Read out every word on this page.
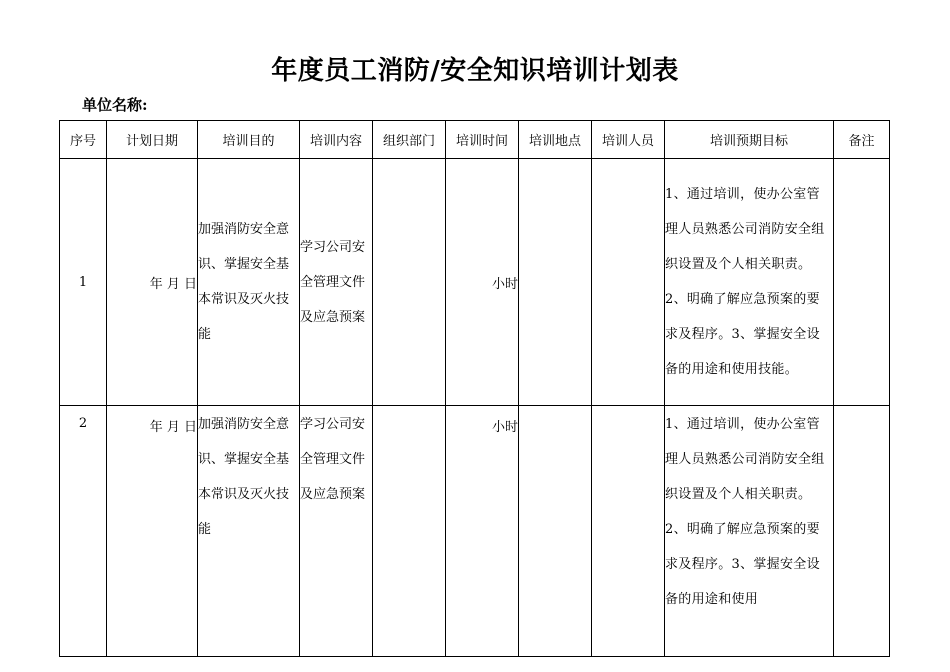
年度员工消防/安全知识培训计划表
单位名称:
序号	计划日期	培训目的	培训内容	组织部门	培训时间	培训地点	培训人员	培训预期目标	备注
1	年 月 日	加强消防安全意识、掌握安全基本常识及灭火技能	学习公司安全管理文件及应急预案		小时			1、通过培训，使办公室管理人员熟悉公司消防安全组织设置及个人相关职责。2、明确了解应急预案的要求及程序。3、掌握安全设备的用途和使用技能。	
2	年 月 日	加强消防安全意识、掌握安全基本常识及灭火技能	学习公司安全管理文件及应急预案		小时			1、通过培训，使办公室管理人员熟悉公司消防安全组织设置及个人相关职责。2、明确了解应急预案的要求及程序。3、掌握安全设备的用途和使用	
